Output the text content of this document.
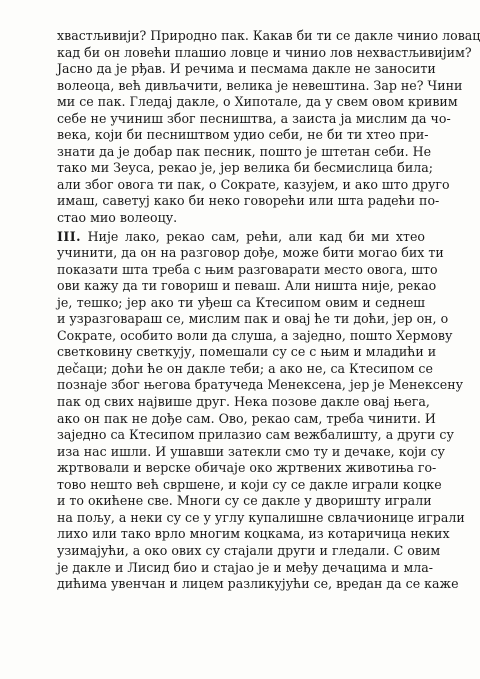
хвастљивији? Природно пак. Какав би ти се дакле чинио ловац
кад би он ловећи плашио ловце и чинио лов нехвастљивијим?
Јасно да је рђав. И речима и песмама дакле не заносити
волеоца, већ дивљачити, велика је невештина. Зар не? Чини
ми се пак. Гледај дакле, о Хипотале, да у свем овом кривим
себе не учиниш због песништва, а заиста ја мислим да чо-
века, који би песништвом удио себи, не би ти хтео при-
знати да је добар пак песник, пошто је штетан себи. Не
тако ми Зеуса, рекао је, јер велика би бесмислица била;
али због овога ти пак, о Сократе, казујем, и ако што друго
имаш, саветуј како би неко говорећи или шта радећи по-
стао мио волеоцу.
III. Није лако, рекао сам, рећи, али кад би ми хтео
учинити, да он на разговор дође, може бити могао бих ти
показати шта треба с њим разговарати место овога, што
ови кажу да ти говориш и певаш. Али ништа није, рекао
је, тешко; јер ако ти уђеш са Ктесипом овим и седнеш
и узразговараш се, мислим пак и овај ће ти доћи, јер он, о
Сократе, особито воли да слуша, а заједно, пошто Хермову
светковину светкују, помешали су се с њим и младићи и
деčаци; доћи ће он дакле теби; а ако не, са Ктесипом се
познаје због његова братучеда Менексена, јер је Менексену
пак од свих највише друг. Нека позове дакле овај њега,
ако он пак не дође сам. Ово, рекао сам, треба чинити. И
заједно са Ктесипом прилазио сам вежбалишту, а други су
иза нас ишли. И ушавши затекли смо ту и дечаке, који су
жртвовали и верске обичаје око жртвених животиња го-
тово нешто већ свршене, и који су се дакле играли коцке
и то окићене све. Многи су се дакле у дворишту играли
на пољу, а неки су се у углу купалишне свлачионице играли
лихо или тако врло многим коцкама, из котаричица неких
узимајући, а око ових су стајали други и гледали. С овим
је дакле и Лисид био и стајао је и међу дечацима и мла-
дићима увенчан и лицем разликујући се, вредан да се каже
